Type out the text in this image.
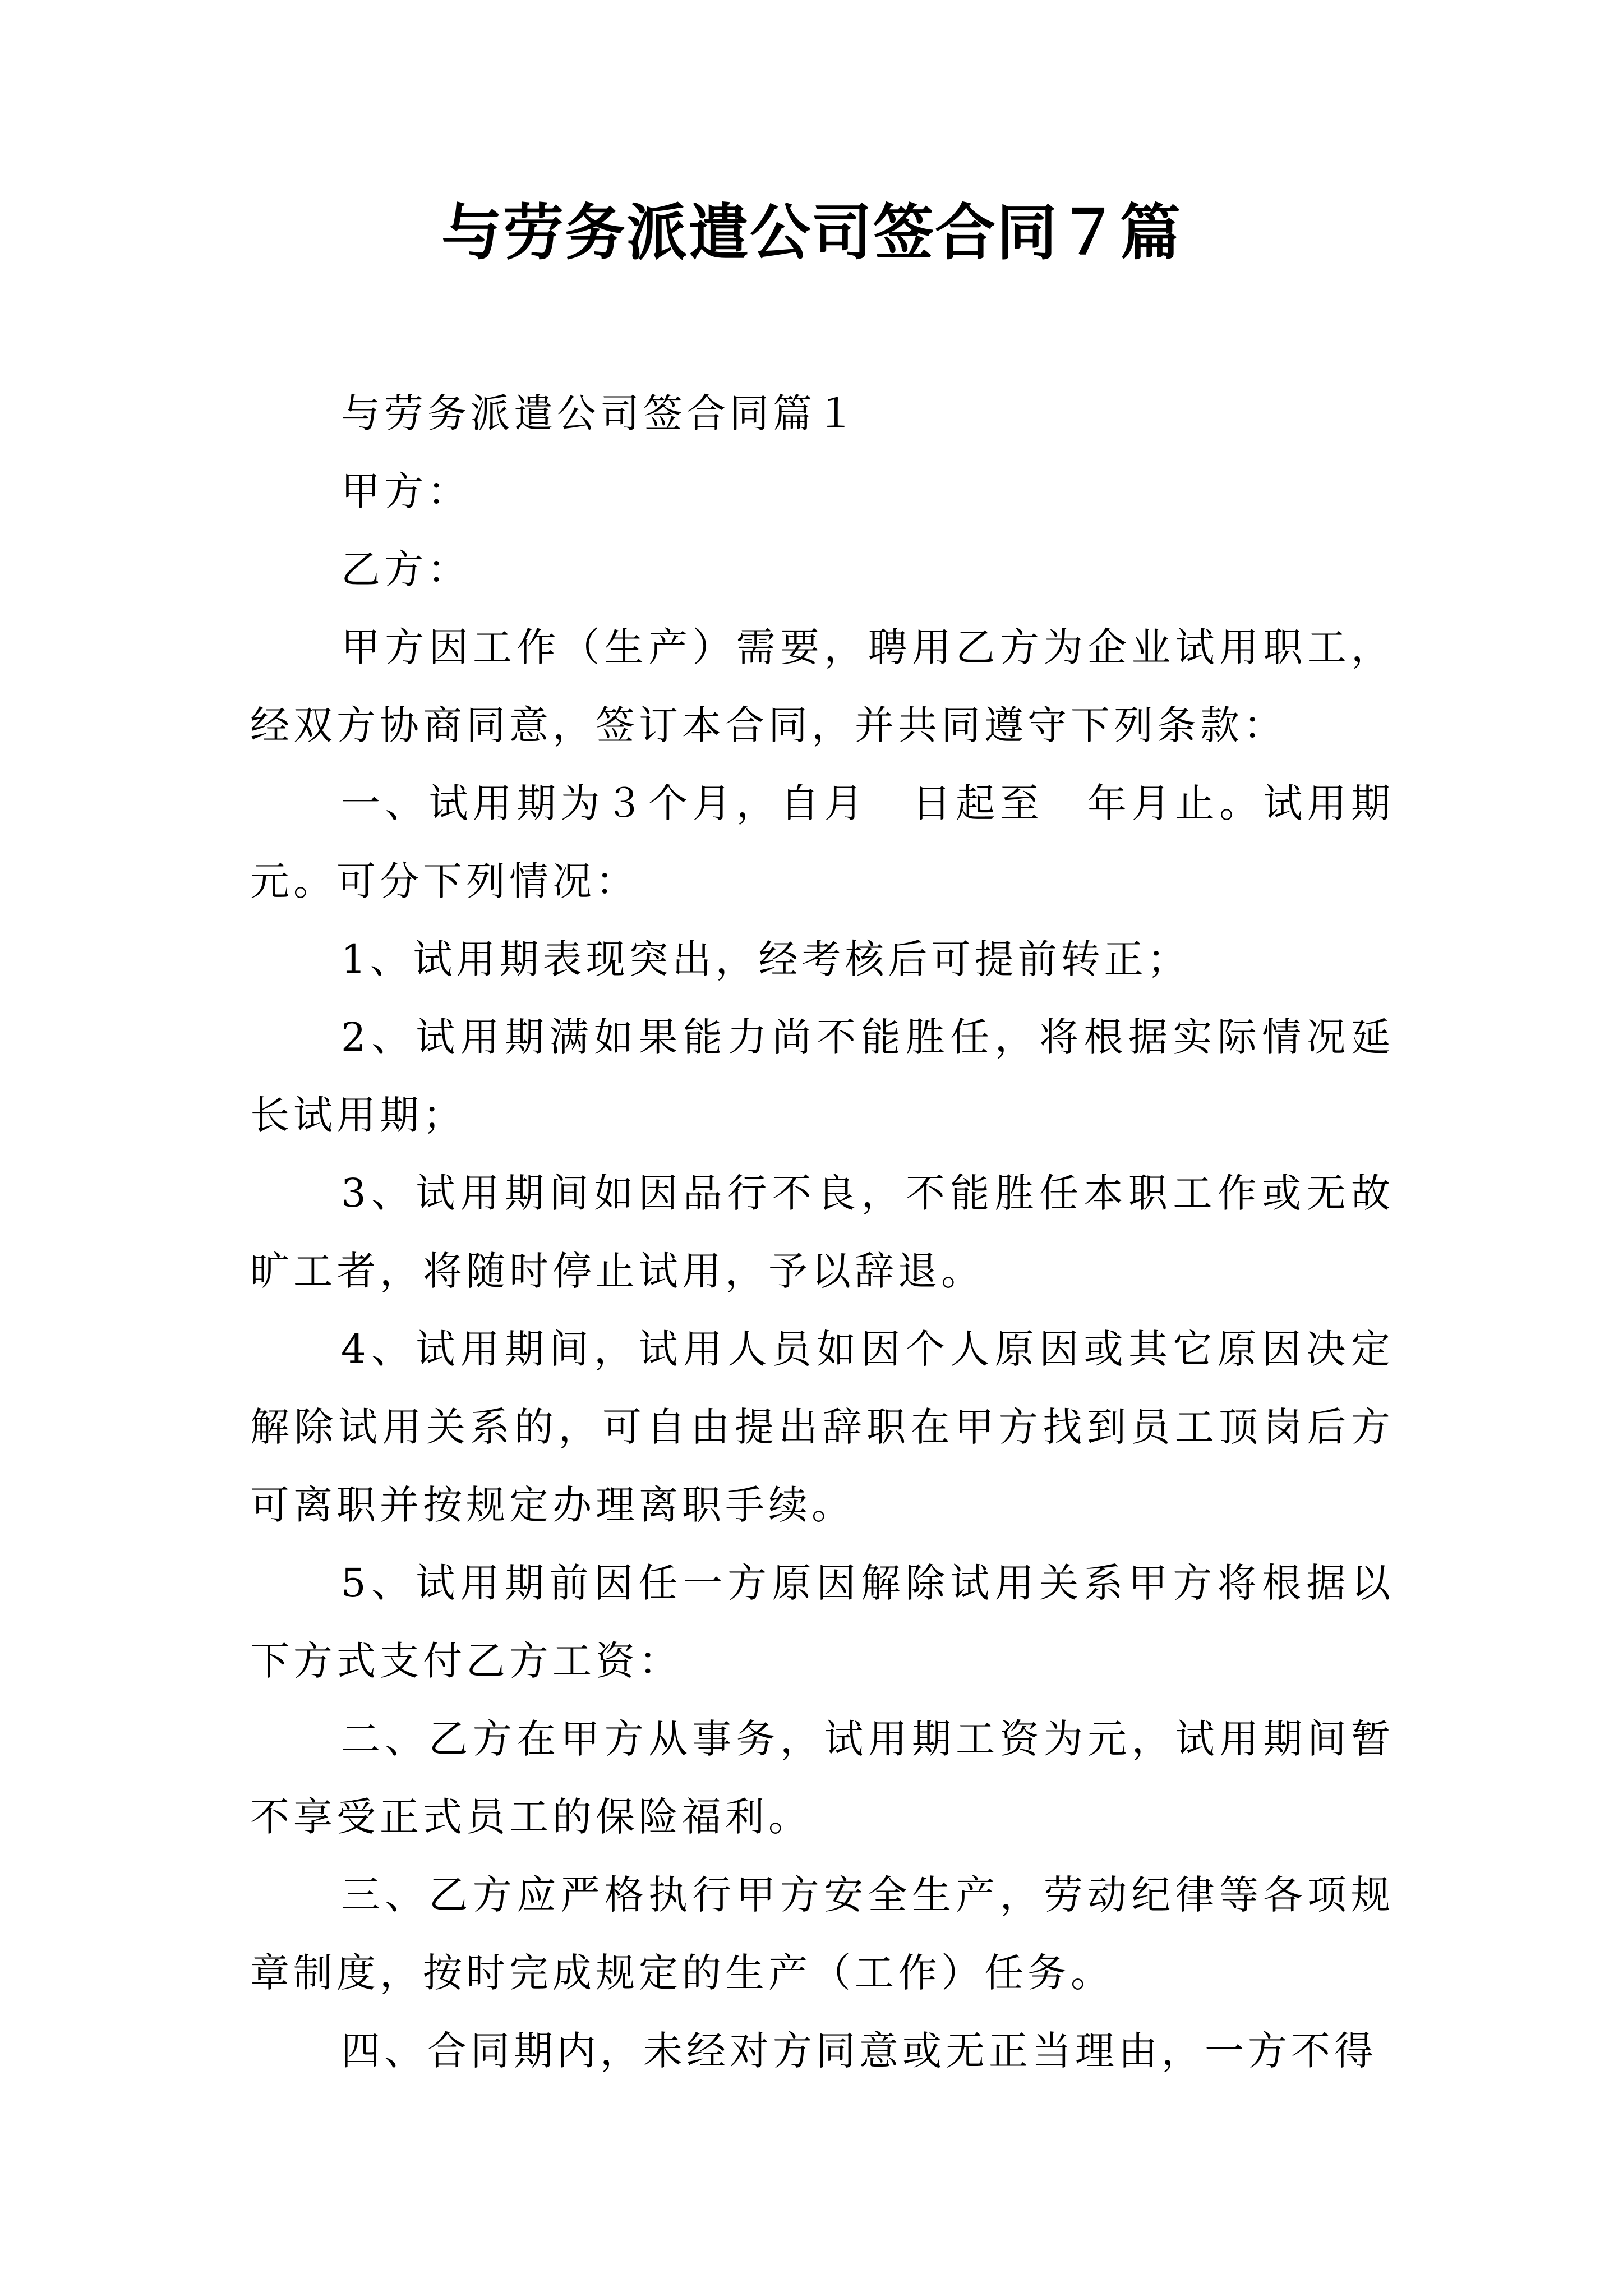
与劳务派遣公司签合同７篇

与劳务派遣公司签合同篇１

甲方：

乙方：

甲方因工作（生产）需要，聘用乙方为企业试用职工，经双方协商同意，签订本合同，并共同遵守下列条款：

一、试用期为３个月，自月　日起至　年月止。试用期元。可分下列情况：

1、试用期表现突出，经考核后可提前转正；

2、试用期满如果能力尚不能胜任，将根据实际情况延长试用期；

3、试用期间如因品行不良，不能胜任本职工作或无故旷工者，将随时停止试用，予以辞退。

4、试用期间，试用人员如因个人原因或其它原因决定解除试用关系的，可自由提出辞职在甲方找到员工顶岗后方可离职并按规定办理离职手续。

5、试用期前因任一方原因解除试用关系甲方将根据以下方式支付乙方工资：

二、乙方在甲方从事务，试用期工资为元，试用期间暂不享受正式员工的保险福利。

三、乙方应严格执行甲方安全生产，劳动纪律等各项规章制度，按时完成规定的生产（工作）任务。

四、合同期内，未经对方同意或无正当理由，一方不得
